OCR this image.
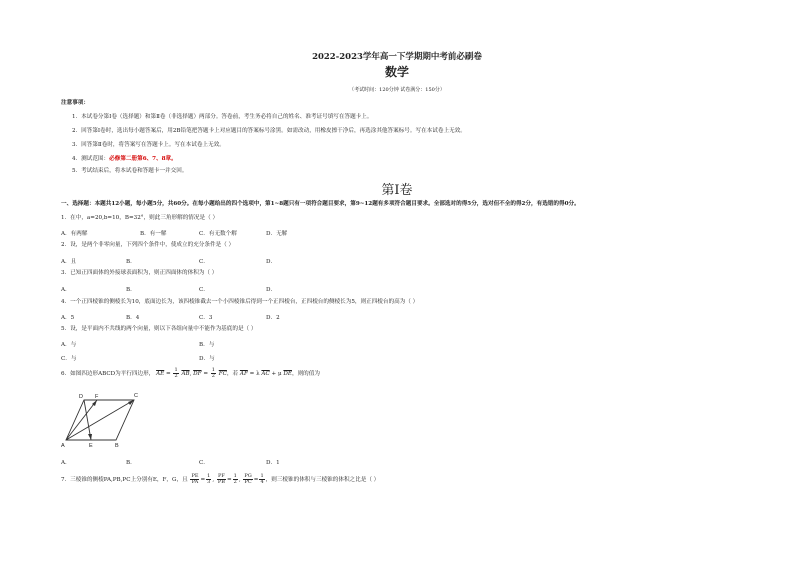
2022-2023学年高一下学期期中考前必刷卷
数学
（考试时间：120分钟 试卷满分：150分）
注意事项：
1．本试卷分第Ⅰ卷（选择题）和第Ⅱ卷（非选择题）两部分。答卷前，考生务必将自己的姓名、准考证号填写在答题卡上。
2．回答第Ⅰ卷时，选出每小题答案后，用2B铅笔把答题卡上对应题目的答案标号涂黑。如需改动，用橡皮擦干净后，再选涂其他答案标号。写在本试卷上无效。
3．回答第Ⅱ卷时，将答案写在答题卡上。写在本试卷上无效。
4．测试范围：必修第二册第6、7、8章。
5．考试结束后，将本试卷和答题卡一并交回。
第Ⅰ卷
一、选择题：本题共12小题，每小题5分，共60分。在每小题给出的四个选项中，第1~8题只有一项符合题目要求，第9~12题有多项符合题目要求。全部选对的得5分，选对但不全的得2分，有选错的得0分。
1．在中，a=20,b=10，B=32°，则此三角形解的情况是（ ）
A．有两解	B．有一解	C．有无数个解	D．无解
2．设，是两个非零向量，下列四个条件中，使成立的充分条件是（ ）
A．且	B．	C．	D．
3．已知正四面体的外接球表面积为，则正四面体的体积为（ ）
A．	B．	C．	D．
4．一个正四棱锥的侧棱长为10，底面边长为，该四棱锥截去一个小四棱锥后得到一个正四棱台，正四棱台的侧棱长为5，则正四棱台的高为（ ）
A．5	B．4	C．3	D．2
5．设，是平面内不共线的两个向量，则以下各组向量中不能作为基底的是（ ）
A．与	B．与
C．与	D．与
6．如图四边形ABCD为平行四边形， $\overline{AE} = \frac{1}{2} \overline{AB}$, $\overline{DF} = \frac{1}{2} \overline{FC}$，若 $\overline{AF} = \lambda$ $\overline{AC} + \mu$ $\overline{DE}$，则的值为
D F	C
A	E	B
A．	B．	C．	D．1
7．三棱锥的侧棱PA,PB,PC上分别有E，F，G，且 $\frac{PE}{PA} = \frac{1}{3}$ , $\frac{PF}{PB} = \frac{1}{2}$ , $\frac{PG}{PC} = \frac{1}{4}$ ，则三棱锥的体积与三棱锥的体积之比是（ ）
